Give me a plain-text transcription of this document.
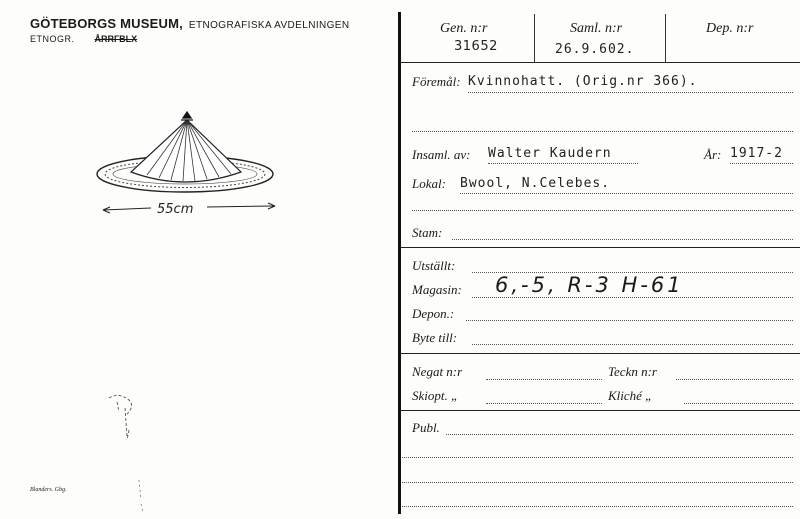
GÖTEBORGS MUSEUM, ETNOGRAFISKA AVDELNINGEN
ETNOGR. ÅRRГBLX
55cm
Blanders. Gbg.
Gen. n:r
31652
Saml. n:r
26.9.602.
Dep. n:r
Föremål: Kvinnohatt. (Orig.nr 366).
Insaml. av: Walter Kaudern	År: 1917-2
Lokal: Bwool, N.Celebes.
Stam:
Utställt:
Magasin: 6,-5, R-3 H-61
Depon.:
Byte till:
Negat n:r	Teckn n:r
Skiopt. „	Kliché „
Publ.
